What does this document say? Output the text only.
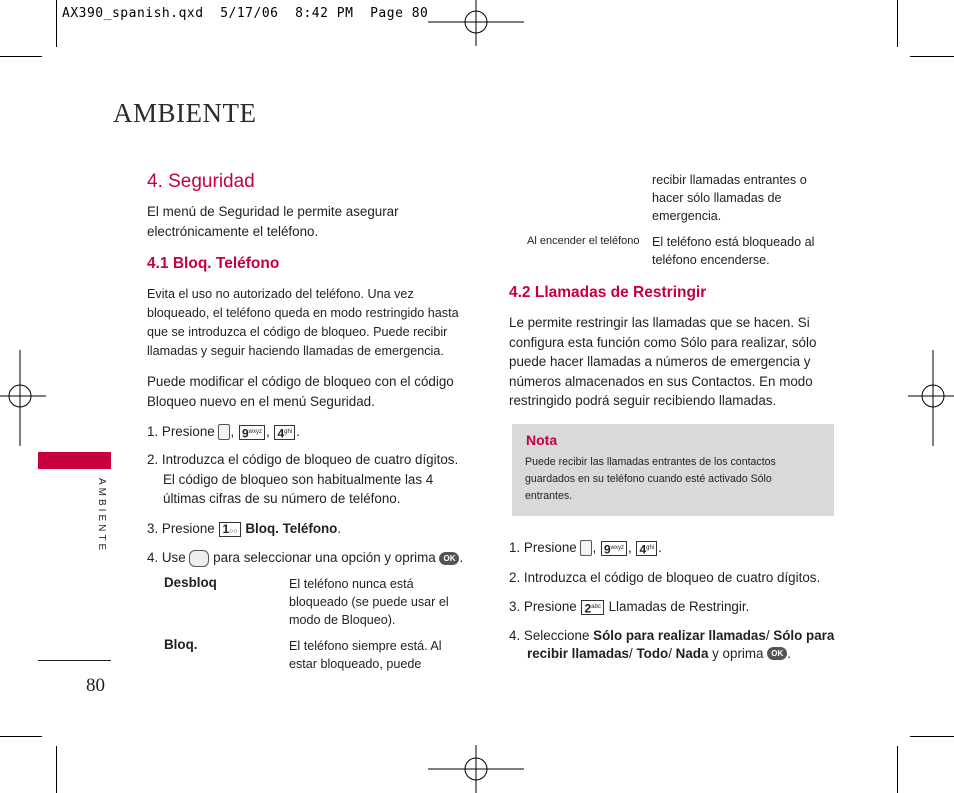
AX390_spanish.qxd  5/17/06  8:42 PM  Page 80
AMBIENTE
AMBIENTE
80
4. Seguridad
El menú de Seguridad le permite asegurar
electrónicamente el teléfono.
4.1 Bloq. Teléfono
Evita el uso no autorizado del teléfono. Una vez
bloqueado, el teléfono queda en modo restringido hasta
que se introduzca el código de bloqueo. Puede recibir
llamadas y seguir haciendo llamadas de emergencia.
Puede modificar el código de bloqueo con el código
Bloqueo nuevo en el menú Seguridad.
1. Presione , $9^{wxyz}$ , $4^{ghi}$ .
2. Introduzca el código de bloqueo de cuatro dígitos.
El código de bloqueo son habitualmente las 4
últimas cifras de su número de teléfono.
3. Presione 1○○ Bloq. Teléfono.
4. Use para seleccionar una opción y oprima OK .
Desbloq	El teléfono nunca está
bloqueado (se puede usar el
modo de Bloqueo).
Bloq.	El teléfono siempre está. Al
estar bloqueado, puede
recibir llamadas entrantes o
hacer sólo llamadas de
emergencia.
Al encender el teléfono El teléfono está bloqueado al
teléfono encenderse.
4.2 Llamadas de Restringir
Le permite restringir las llamadas que se hacen. Si
configura esta función como Sólo para realizar, sólo
puede hacer llamadas a números de emergencia y
números almacenados en sus Contactos. En modo
restringido podrá seguir recibiendo llamadas.
Nota
Puede recibir las llamadas entrantes de los contactos
guardados en su teléfono cuando esté activado Sólo
entrantes.
1. Presione , $9^{wxyz}$ , $4^{ghi}$ .
2. Introduzca el código de bloqueo de cuatro dígitos.
3. Presione $2^{abc}$ Llamadas de Restringir.
4. Seleccione Sólo para realizar llamadas/ Sólo para
recibir llamadas/ Todo/ Nada y oprima OK .
